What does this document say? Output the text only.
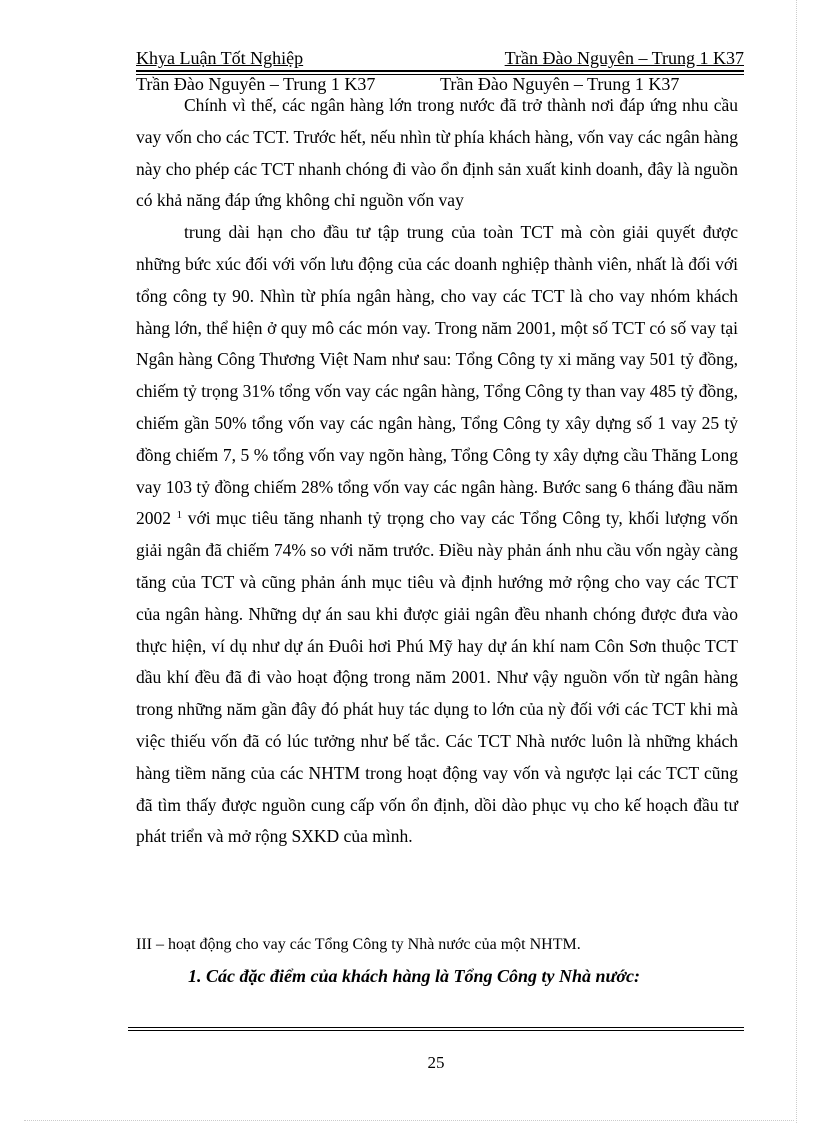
Khya Luận Tốt Nghiệp	Trần Đào Nguyên – Trung 1 K37
Trần Đào Nguyên – Trung 1 K37	Trần Đào Nguyên – Trung 1 K37

Chính vì thế, các ngân hàng lớn trong nước đã trở thành nơi đáp ứng nhu cầu vay vốn cho các TCT. Trước hết, nếu nhìn từ phía khách hàng, vốn vay các ngân hàng này cho phép các TCT nhanh chóng đi vào ổn định sản xuất kinh doanh, đây là nguồn có khả năng đáp ứng không chỉ nguồn vốn vay

trung dài hạn cho đầu tư tập trung của toàn TCT mà còn giải quyết được những bức xúc đối với vốn lưu động của các doanh nghiệp thành viên, nhất là đối với tổng công ty 90. Nhìn từ phía ngân hàng, cho vay các TCT là cho vay nhóm khách hàng lớn, thể hiện ở quy mô các món vay. Trong năm 2001, một số TCT có số vay tại Ngân hàng Công Thương Việt Nam như sau: Tổng Công ty xi măng vay 501 tỷ đồng, chiếm tỷ trọng 31% tổng vốn vay các ngân hàng, Tổng Công ty than vay 485 tỷ đồng, chiếm gần 50% tổng vốn vay các ngân hàng, Tổng Công ty xây dựng số 1 vay 25 tỷ đồng chiếm 7, 5 % tổng vốn vay ngõn hàng, Tổng Công ty xây dựng cầu Thăng Long vay 103 tỷ đồng chiếm 28% tổng vốn vay các ngân hàng. Bước sang 6 tháng đầu năm 2002 $^1$ với mục tiêu tăng nhanh tỷ trọng cho vay các Tổng Công ty, khối lượng vốn giải ngân đã chiếm 74% so với năm trước. Điều này phản ánh nhu cầu vốn ngày càng tăng của TCT và cũng phản ánh mục tiêu và định hướng mở rộng cho vay các TCT của ngân hàng. Những dự án sau khi được giải ngân đều nhanh chóng được đưa vào thực hiện, ví dụ như dự án Đuôi hơi Phú Mỹ hay dự án khí nam Côn Sơn thuộc TCT dầu khí đều đã đi vào hoạt động trong năm 2001. Như vậy nguồn vốn từ ngân hàng trong những năm gần đây đó phát huy tác dụng to lớn của nỳ đối với các TCT khi mà việc thiếu vốn đã có lúc tưởng như bế tắc. Các TCT Nhà nước luôn là những khách hàng tiềm năng của các NHTM trong hoạt động vay vốn và ngược lại các TCT cũng đã tìm thấy được nguồn cung cấp vốn ổn định, dồi dào phục vụ cho kế hoạch đầu tư phát triển và mở rộng SXKD của mình.

III – hoạt động cho vay các Tổng Công ty Nhà nước của một NHTM.
1. Các đặc điểm của khách hàng là Tổng Công ty Nhà nước:
25
